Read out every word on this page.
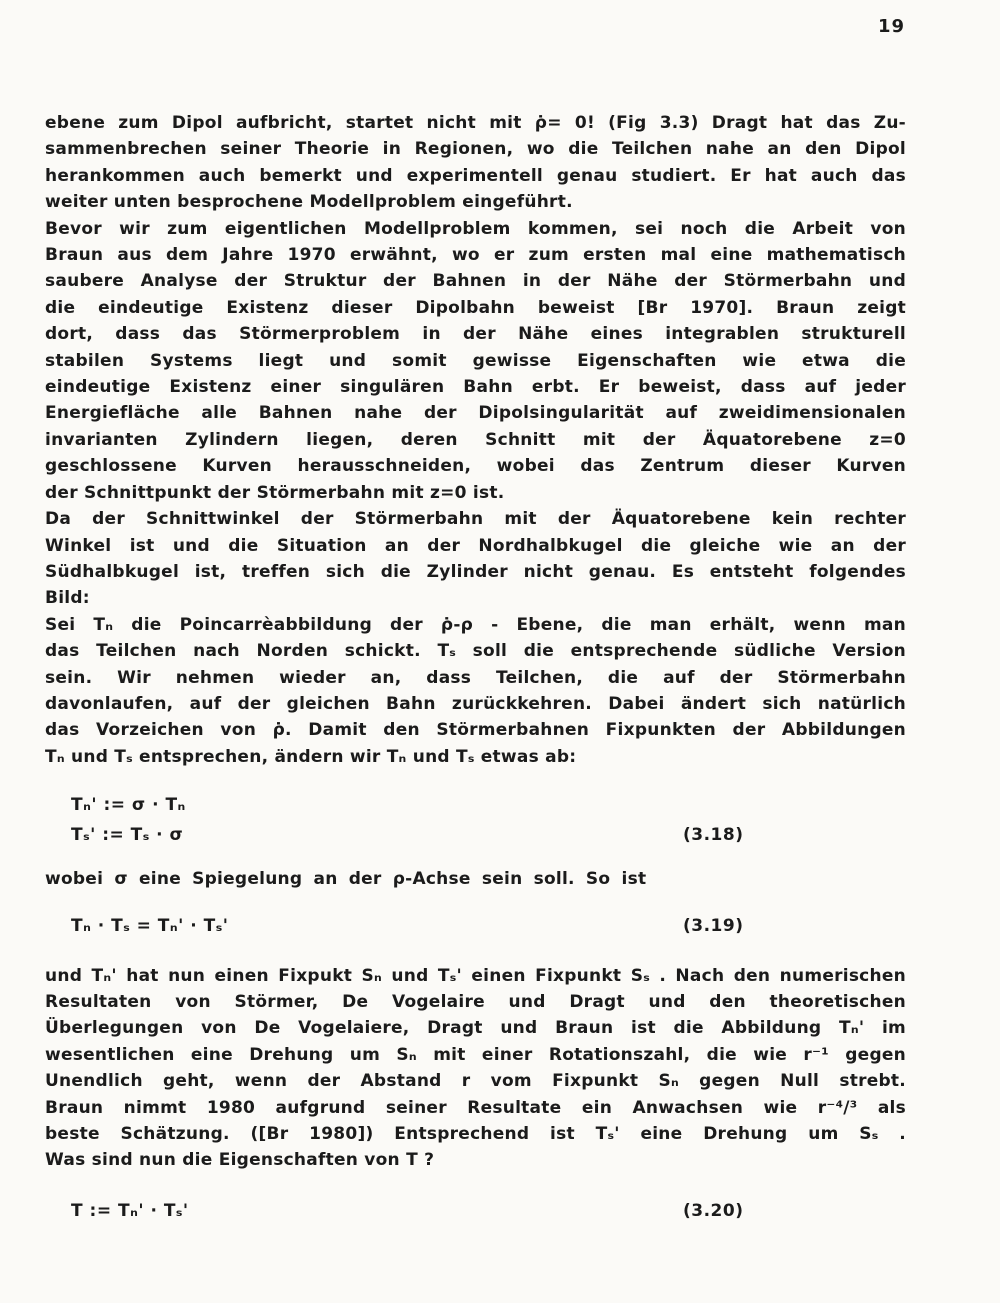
19
ebene zum Dipol aufbricht, startet nicht mit ρ̇= 0! (Fig 3.3) Dragt hat das Zu-
sammenbrechen seiner Theorie in Regionen, wo die Teilchen nahe an den Dipol
herankommen auch bemerkt und experimentell genau studiert. Er hat auch das
weiter unten besprochene Modellproblem eingeführt.
Bevor wir zum eigentlichen Modellproblem kommen, sei noch die Arbeit von
Braun aus dem Jahre 1970 erwähnt, wo er zum ersten mal eine mathematisch
saubere Analyse der Struktur der Bahnen in der Nähe der Störmerbahn und
die eindeutige Existenz dieser Dipolbahn beweist [Br 1970]. Braun zeigt
dort, dass das Störmerproblem in der Nähe eines integrablen strukturell
stabilen Systems liegt und somit gewisse Eigenschaften wie etwa die
eindeutige Existenz einer singulären Bahn erbt. Er beweist, dass auf jeder
Energiefläche alle Bahnen nahe der Dipolsingularität auf zweidimensionalen
invarianten Zylindern liegen, deren Schnitt mit der Äquatorebene z=0
geschlossene Kurven herausschneiden, wobei das Zentrum dieser Kurven
der Schnittpunkt der Störmerbahn mit z=0 ist.
Da der Schnittwinkel der Störmerbahn mit der Äquatorebene kein rechter
Winkel ist und die Situation an der Nordhalbkugel die gleiche wie an der
Südhalbkugel ist, treffen sich die Zylinder nicht genau. Es entsteht folgendes
Bild:
Sei Tₙ die Poincarrèabbildung der ρ̇-ρ - Ebene, die man erhält, wenn man
das Teilchen nach Norden schickt. Tₛ soll die entsprechende südliche Version
sein. Wir nehmen wieder an, dass Teilchen, die auf der Störmerbahn
davonlaufen, auf der gleichen Bahn zurückkehren. Dabei ändert sich natürlich
das Vorzeichen von ρ̇. Damit den Störmerbahnen Fixpunkten der Abbildungen
Tₙ und Tₛ entsprechen, ändern wir Tₙ und Tₛ etwas ab:
Tₙ' := σ · Tₙ
Tₛ' := Tₛ · σ	(3.18)
wobei σ eine Spiegelung an der ρ-Achse sein soll. So ist
Tₙ · Tₛ = Tₙ' · Tₛ'	(3.19)
und Tₙ' hat nun einen Fixpukt Sₙ und Tₛ' einen Fixpunkt Sₛ . Nach den numerischen
Resultaten von Störmer, De Vogelaire und Dragt und den theoretischen
Überlegungen von De Vogelaiere, Dragt und Braun ist die Abbildung Tₙ' im
wesentlichen eine Drehung um Sₙ mit einer Rotationszahl, die wie r⁻¹ gegen
Unendlich geht, wenn der Abstand r vom Fixpunkt Sₙ gegen Null strebt.
Braun nimmt 1980 aufgrund seiner Resultate ein Anwachsen wie r⁻⁴/³ als
beste Schätzung. ([Br 1980]) Entsprechend ist Tₛ' eine Drehung um Sₛ .
Was sind nun die Eigenschaften von T ?
T := Tₙ' · Tₛ'	(3.20)
